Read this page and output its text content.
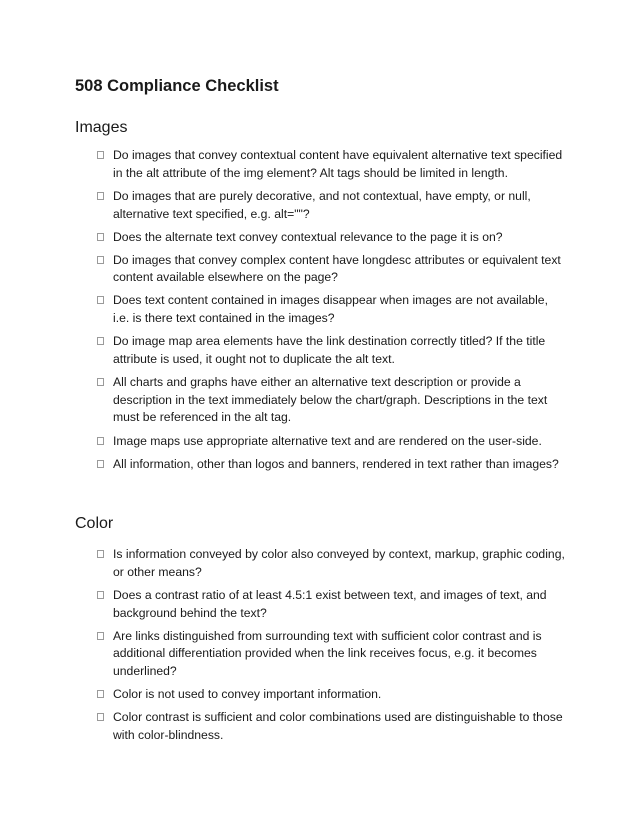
508 Compliance Checklist
Images
Do images that convey contextual content have equivalent alternative text specified in the alt attribute of the img element? Alt tags should be limited in length.
Do images that are purely decorative, and not contextual, have empty, or null, alternative text specified, e.g. alt=""?
Does the alternate text convey contextual relevance to the page it is on?
Do images that convey complex content have longdesc attributes or equivalent text content available elsewhere on the page?
Does text content contained in images disappear when images are not available, i.e. is there text contained in the images?
Do image map area elements have the link destination correctly titled? If the title attribute is used, it ought not to duplicate the alt text.
All charts and graphs have either an alternative text description or provide a description in the text immediately below the chart/graph. Descriptions in the text must be referenced in the alt tag.
Image maps use appropriate alternative text and are rendered on the user-side.
All information, other than logos and banners, rendered in text rather than images?
Color
Is information conveyed by color also conveyed by context, markup, graphic coding, or other means?
Does a contrast ratio of at least 4.5:1 exist between text, and images of text, and background behind the text?
Are links distinguished from surrounding text with sufficient color contrast and is additional differentiation provided when the link receives focus, e.g. it becomes underlined?
Color is not used to convey important information.
Color contrast is sufficient and color combinations used are distinguishable to those with color-blindness.
